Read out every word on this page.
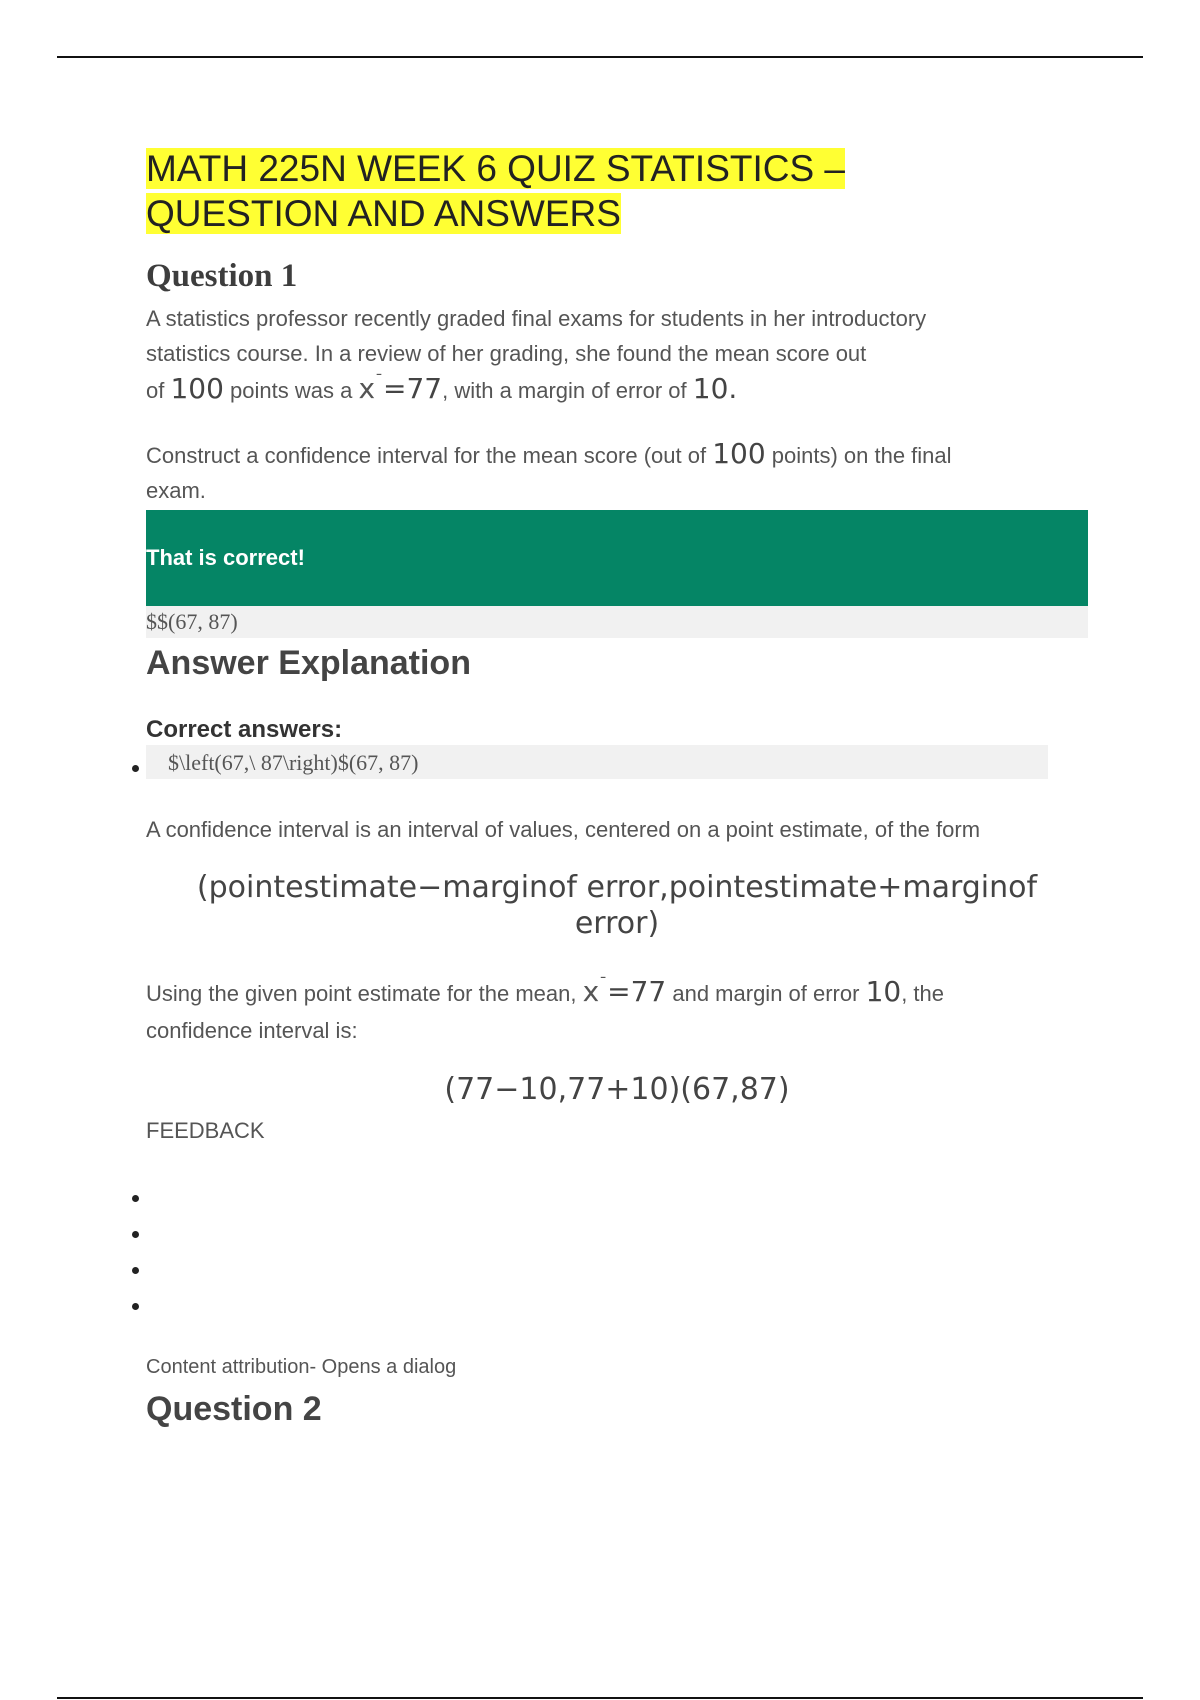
MATH 225N WEEK 6 QUIZ STATISTICS –
QUESTION AND ANSWERS
Question 1

A statistics professor recently graded final exams for students in her introductory
statistics course. In a review of her grading, she found the mean score out
of 100 points was a x¯=77, with a margin of error of 10.

Construct a confidence interval for the mean score (out of 100 points) on the final
exam.

That is correct!
$$(67, 87)
Answer Explanation
Correct answers:
$\left(67,\ 87\right)$(67, 87)

A confidence interval is an interval of values, centered on a point estimate, of the form

(pointestimate−marginof error,pointestimate+marginof
error)

Using the given point estimate for the mean, x¯=77 and margin of error 10, the
confidence interval is:

(77−10,77+10)(67,87)

FEEDBACK

Content attribution- Opens a dialog

Question 2
